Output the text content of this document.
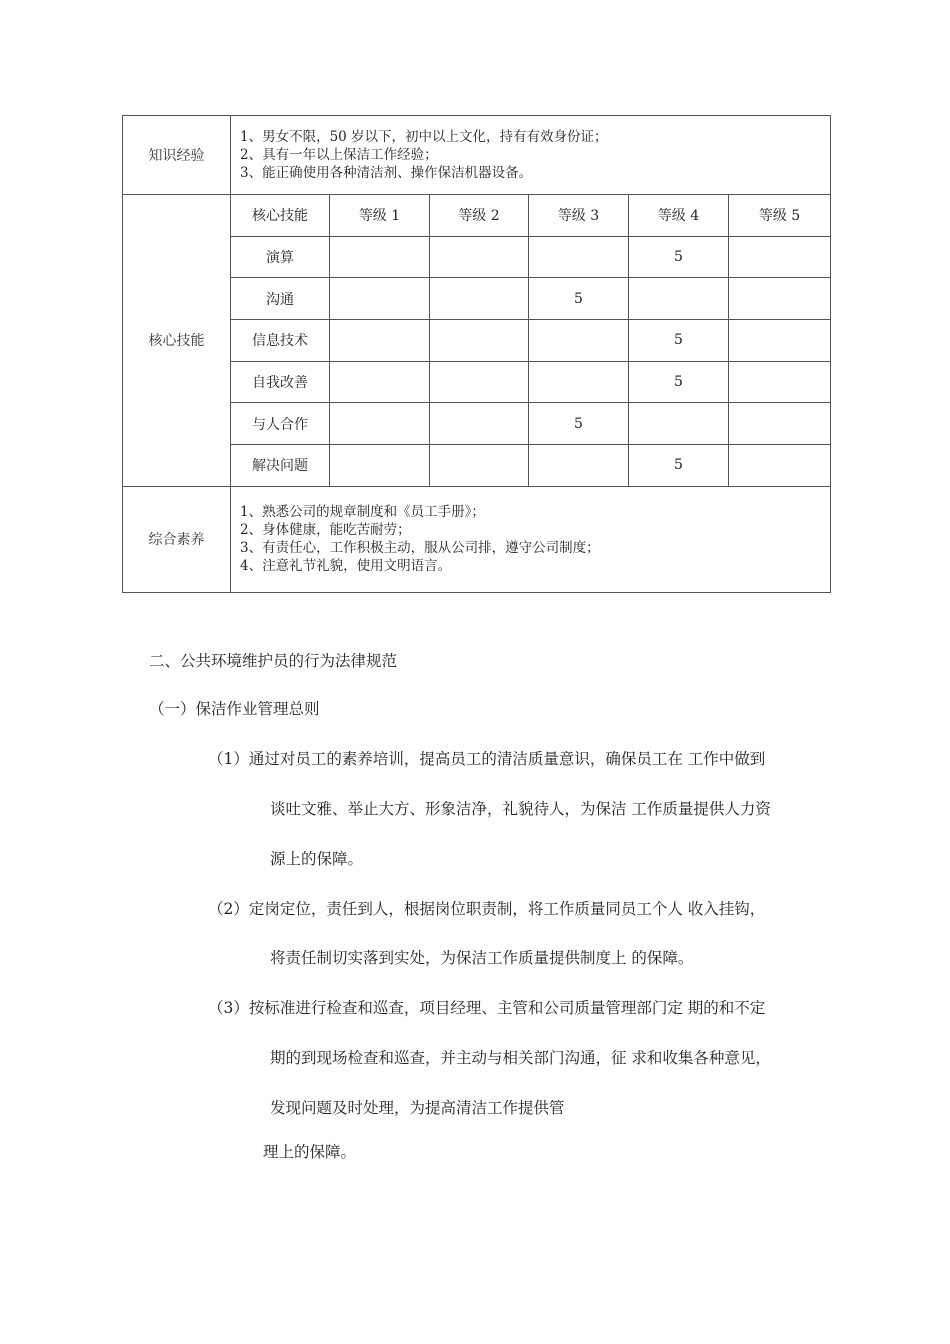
知识经验	1、男女不限，50 岁以下，初中以上文化，持有有效身份证；
2、具有一年以上保洁工作经验；
3、能正确使用各种清洁剂、操作保洁机器设备。					

核心技能	核心技能	等级 1	等级 2	等级 3	等级 4	等级 5
	演算				5	
	沟通			5		
	信息技术				5	
	自我改善				5	
	与人合作			5		
	解决问题				5	
综合素养	1、熟悉公司的规章制度和《员工手册》；
2、身体健康，能吃苦耐劳；
3、有责任心，工作积极主动，服从公司排，遵守公司制度；
4、注意礼节礼貌，使用文明语言。					
二、公共环境维护员的行为法律规范
（一）保洁作业管理总则
（1）通过对员工的素养培训，提高员工的清洁质量意识，确保员工在 工作中做到
谈吐文雅、举止大方、形象洁净，礼貌待人，为保洁 工作质量提供人力资
源上的保障。
（2）定岗定位，责任到人，根据岗位职责制，将工作质量同员工个人 收入挂钩，
将责任制切实落到实处，为保洁工作质量提供制度上 的保障。
（3）按标准进行检查和巡查，项目经理、主管和公司质量管理部门定 期的和不定
期的到现场检查和巡查，并主动与相关部门沟通，征 求和收集各种意见，
发现问题及时处理，为提高清洁工作提供管
理上的保障。
